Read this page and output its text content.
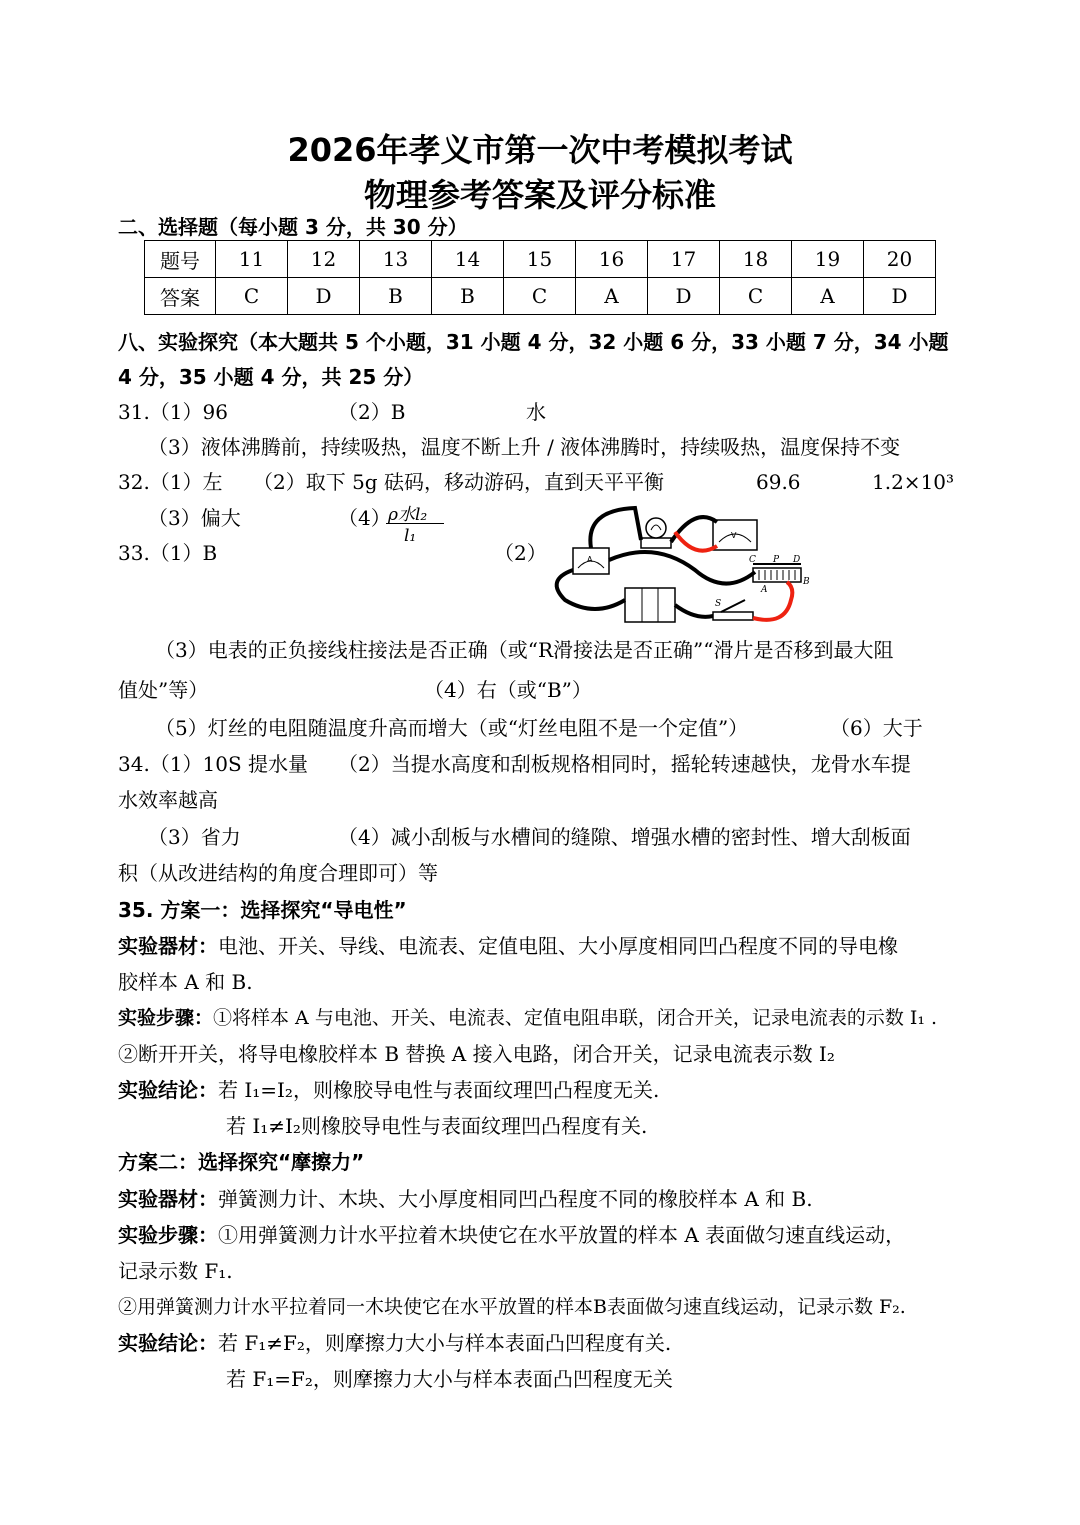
2026年孝义市第一次中考模拟考试
物理参考答案及评分标准
二、选择题（每小题 3 分，共 30 分）
题号	11	12	13	14	15	16	17	18	19	20
答案	C	D	B	B	C	A	D	C	A	D
八、实验探究（本大题共 5 个小题，31 小题 4 分，32 小题 6 分，33 小题 7 分，34 小题
4 分，35 小题 4 分，共 25 分）
31.（1）96	（2）B	水
（3）液体沸腾前，持续吸热，温度不断上升 / 液体沸腾时，持续吸热，温度保持不变
32.（1）左 （2）取下 5g 砝码，移动游码，直到天平平衡	69.6	1.2×10³
（3）偏大	（4）
ρ水l₂
l₁
33.（1）B	（2）	A
V
C P D
A
B
S
（3）电表的正负接线柱接法是否正确（或“R滑接法是否正确”“滑片是否移到最大阻
值处”等）	（4）右（或“B”）
（5）灯丝的电阻随温度升高而增大（或“灯丝电阻不是一个定值”）	（6）大于
34.（1）10S 提水量 （2）当提水高度和刮板规格相同时，摇轮转速越快，龙骨水车提
水效率越高
（3）省力	（4）减小刮板与水槽间的缝隙、增强水槽的密封性、增大刮板面
积（从改进结构的角度合理即可）等
35. 方案一：选择探究“导电性”
实验器材：电池、开关、导线、电流表、定值电阻、大小厚度相同凹凸程度不同的导电橡
胶样本 A 和 B.
实验步骤：①将样本 A 与电池、开关、电流表、定值电阻串联，闭合开关，记录电流表的示数 I₁ .
②断开开关，将导电橡胶样本 B 替换 A 接入电路，闭合开关，记录电流表示数 I₂
实验结论：若 I₁=I₂，则橡胶导电性与表面纹理凹凸程度无关.
若 I₁≠I₂则橡胶导电性与表面纹理凹凸程度有关.
方案二：选择探究“摩擦力”
实验器材：弹簧测力计、木块、大小厚度相同凹凸程度不同的橡胶样本 A 和 B.
实验步骤：①用弹簧测力计水平拉着木块使它在水平放置的样本 A 表面做匀速直线运动，
记录示数 F₁.
②用弹簧测力计水平拉着同一木块使它在水平放置的样本B表面做匀速直线运动，记录示数 F₂.
实验结论：若 F₁≠F₂，则摩擦力大小与样本表面凸凹程度有关.
若 F₁=F₂，则摩擦力大小与样本表面凸凹程度无关
